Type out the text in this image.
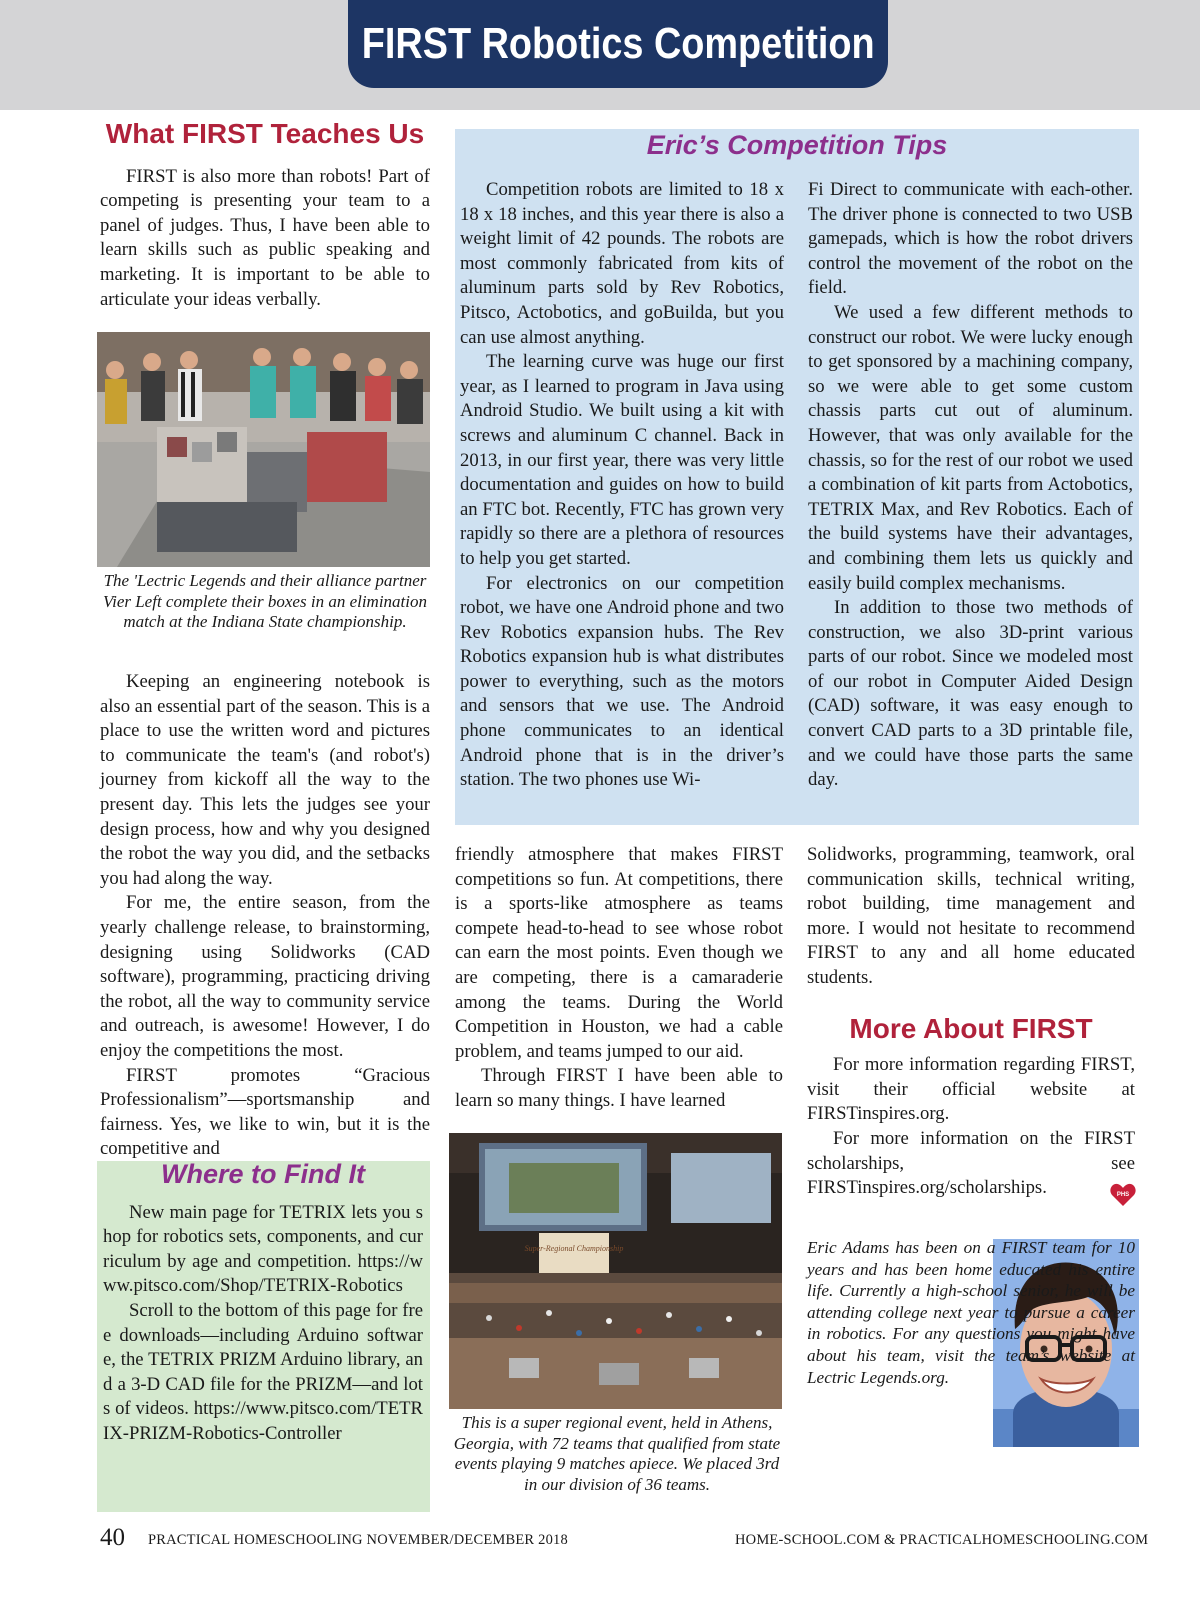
FIRST Robotics Competition
What FIRST Teaches Us

FIRST is also more than robots! Part of competing is presenting your team to a panel of judges. Thus, I have been able to learn skills such as public speaking and marketing. It is important to be able to articulate your ideas verbally.

The 'Lectric Legends and their alliance partner Vier Left complete their boxes in an elimination match at the Indiana State championship.

Keeping an engineering notebook is also an essential part of the season. This is a place to use the written word and pictures to communicate the team's (and robot's) journey from kickoff all the way to the present day. This lets the judges see your design process, how and why you designed the robot the way you did, and the setbacks you had along the way.

For me, the entire season, from the yearly challenge release, to brainstorming, designing using Solidworks (CAD software), programming, practicing driving the robot, all the way to community service and outreach, is awesome! However, I do enjoy the competitions the most.

FIRST promotes “Gracious Professionalism”—sportsmanship and fairness. Yes, we like to win, but it is the competitive and

Where to Find It

New main page for TETRIX lets you shop for robotics sets, components, and curriculum by age and competition. https://www.pitsco.com/Shop/TETRIX-Robotics

Scroll to the bottom of this page for free downloads—including Arduino software, the TETRIX PRIZM Arduino library, and a 3-D CAD file for the PRIZM—and lots of videos. https://www.pitsco.com/TETRIX-PRIZM-Robotics-Controller

Eric’s Competition Tips

Competition robots are limited to 18 x 18 x 18 inches, and this year there is also a weight limit of 42 pounds. The robots are most commonly fabricated from kits of aluminum parts sold by Rev Robotics, Pitsco, Actobotics, and goBuilda, but you can use almost anything.

The learning curve was huge our first year, as I learned to program in Java using Android Studio. We built using a kit with screws and aluminum C channel. Back in 2013, in our first year, there was very little documentation and guides on how to build an FTC bot. Recently, FTC has grown very rapidly so there are a plethora of resources to help you get started.

For electronics on our competition robot, we have one Android phone and two Rev Robotics expansion hubs. The Rev Robotics expansion hub is what distributes power to everything, such as the motors and sensors that we use. The Android phone communicates to an identical Android phone that is in the driver’s station. The two phones use Wi-

Fi Direct to communicate with each-other. The driver phone is connected to two USB gamepads, which is how the robot drivers control the movement of the robot on the field.

We used a few different methods to construct our robot. We were lucky enough to get sponsored by a machining company, so we were able to get some custom chassis parts cut out of aluminum. However, that was only available for the chassis, so for the rest of our robot we used a combination of kit parts from Actobotics, TETRIX Max, and Rev Robotics. Each of the build systems have their advantages, and combining them lets us quickly and easily build complex mechanisms.

In addition to those two methods of construction, we also 3D-print various parts of our robot. Since we modeled most of our robot in Computer Aided Design (CAD) software, it was easy enough to convert CAD parts to a 3D printable file, and we could have those parts the same day.

friendly atmosphere that makes FIRST competitions so fun. At competitions, there is a sports-like atmosphere as teams compete head-to-head to see whose robot can earn the most points. Even though we are competing, there is a camaraderie among the teams. During the World Competition in Houston, we had a cable problem, and teams jumped to our aid.

Through FIRST I have been able to learn so many things. I have learned

Super-Regional Championship
This is a super regional event, held in Athens, Georgia, with 72 teams that qualified from state events playing 9 matches apiece. We placed 3rd in our division of 36 teams.

Solidworks, programming, teamwork, oral communication skills, technical writing, robot building, time management and more. I would not hesitate to recommend FIRST to any and all home educated students.

More About FIRST

For more information regarding FIRST, visit their official website at FIRSTinspires.org.

For more information on the FIRST scholarships, see FIRSTinspires.org/scholarships.	PHS
Eric Adams has been on a FIRST team for 10 years and has been home educated his entire life. Currently a high-school senior, he will be attending college next year to pursue a career in robotics. For any questions you might have about his team, visit the team’s website at Lectric Legends.org.
40 PRACTICAL HOMESCHOOLING NOVEMBER/DECEMBER 2018	HOME-SCHOOL.COM & PRACTICALHOMESCHOOLING.COM
